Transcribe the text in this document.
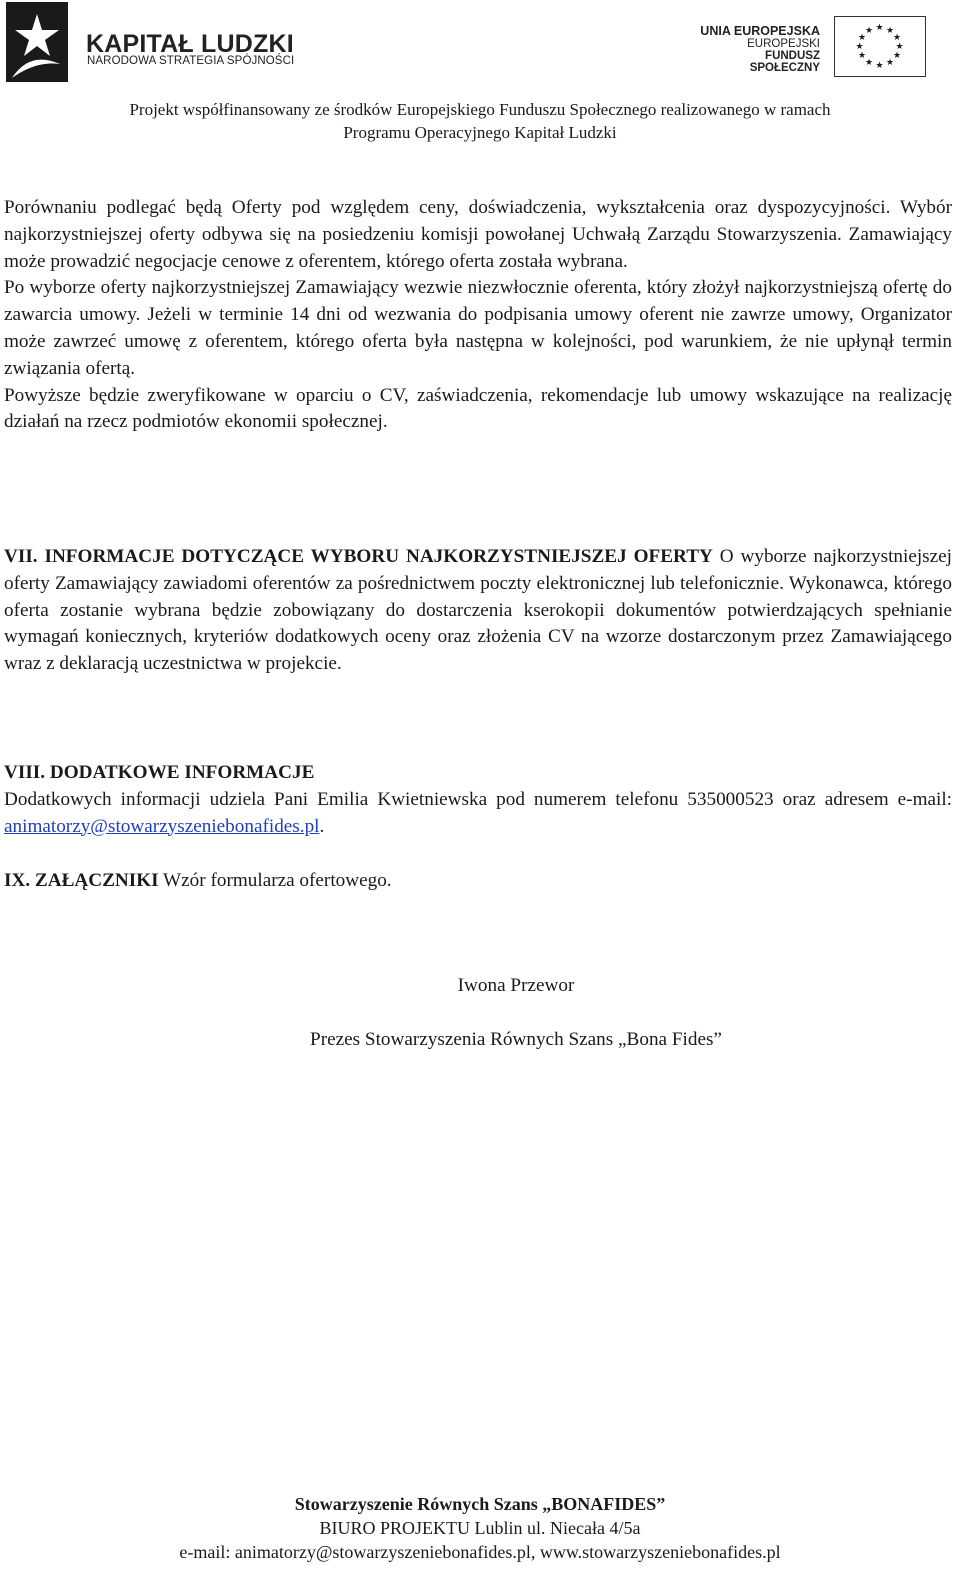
KAPITAŁ LUDZKI
NARODOWA STRATEGIA SPÓJNOŚCI
UNIA EUROPEJSKA
EUROPEJSKI
FUNDUSZ SPOŁECZNY
★ ★
★
★
★
★
★
★
★
★
★
★
Projekt współfinansowany ze środków Europejskiego Funduszu Społecznego realizowanego w ramach
Programu Operacyjnego Kapitał Ludzki

Porównaniu podlegać będą Oferty pod względem ceny, doświadczenia, wykształcenia oraz dyspozycyjności. Wybór najkorzystniejszej oferty odbywa się na posiedzeniu komisji powołanej Uchwałą Zarządu Stowarzyszenia. Zamawiający może prowadzić negocjacje cenowe z oferentem, którego oferta została wybrana.

Po wyborze oferty najkorzystniejszej Zamawiający wezwie niezwłocznie oferenta, który złożył najkorzystniejszą ofertę do zawarcia umowy. Jeżeli w terminie 14 dni od wezwania do podpisania umowy oferent nie zawrze umowy, Organizator może zawrzeć umowę z oferentem, którego oferta była następna w kolejności, pod warunkiem, że nie upłynął termin związania ofertą.

Powyższe będzie zweryfikowane w oparciu o CV, zaświadczenia, rekomendacje lub umowy wskazujące na realizację działań na rzecz podmiotów ekonomii społecznej.

VII. INFORMACJE DOTYCZĄCE WYBORU NAJKORZYSTNIEJSZEJ OFERTY O wyborze najkorzystniejszej oferty Zamawiający zawiadomi oferentów za pośrednictwem poczty elektronicznej lub telefonicznie. Wykonawca, którego oferta zostanie wybrana będzie zobowiązany do dostarczenia kserokopii dokumentów potwierdzających spełnianie wymagań koniecznych, kryteriów dodatkowych oceny oraz złożenia CV na wzorze dostarczonym przez Zamawiającego wraz z deklaracją uczestnictwa w projekcie.

VIII. DODATKOWE INFORMACJE

Dodatkowych informacji udziela Pani Emilia Kwietniewska pod numerem telefonu 535000523 oraz adresem e-mail: animatorzy@stowarzyszeniebonafides.pl.

IX. ZAŁĄCZNIKI Wzór formularza ofertowego.

Iwona Przewor
Prezes Stowarzyszenia Równych Szans „Bona Fides”
Stowarzyszenie Równych Szans „BONAFIDES”
BIURO PROJEKTU Lublin ul. Niecała 4/5a
e-mail: animatorzy@stowarzyszeniebonafides.pl, www.stowarzyszeniebonafides.pl
